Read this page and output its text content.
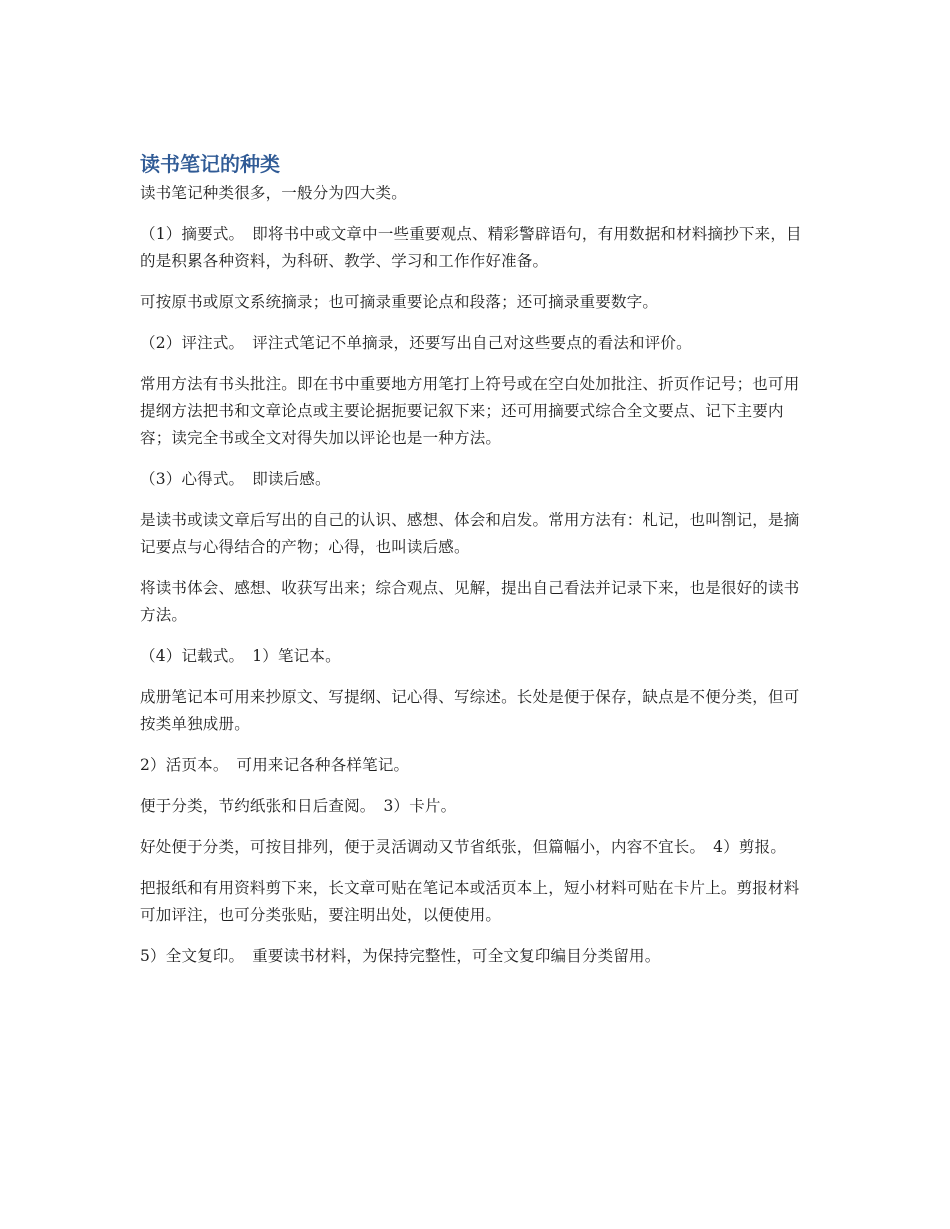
读书笔记的种类

读书笔记种类很多，一般分为四大类。

（1）摘要式。　即将书中或文章中一些重要观点、精彩警辟语句，有用数据和材料摘抄下来，目的是积累各种资料，为科研、教学、学习和工作作好准备。

可按原书或原文系统摘录；也可摘录重要论点和段落；还可摘录重要数字。

（2）评注式。　评注式笔记不单摘录，还要写出自己对这些要点的看法和评价。

常用方法有书头批注。即在书中重要地方用笔打上符号或在空白处加批注、折页作记号；也可用提纲方法把书和文章论点或主要论据扼要记叙下来；还可用摘要式综合全文要点、记下主要内容；读完全书或全文对得失加以评论也是一种方法。

（3）心得式。　即读后感。

是读书或读文章后写出的自己的认识、感想、体会和启发。常用方法有：札记，也叫劄记，是摘记要点与心得结合的产物；心得，也叫读后感。

将读书体会、感想、收获写出来；综合观点、见解，提出自己看法并记录下来，也是很好的读书方法。

（4）记载式。　1）笔记本。

成册笔记本可用来抄原文、写提纲、记心得、写综述。长处是便于保存，缺点是不便分类，但可按类单独成册。

2）活页本。　可用来记各种各样笔记。

便于分类，节约纸张和日后查阅。　3）卡片。

好处便于分类，可按目排列，便于灵活调动又节省纸张，但篇幅小，内容不宜长。　4）剪报。

把报纸和有用资料剪下来，长文章可贴在笔记本或活页本上，短小材料可贴在卡片上。剪报材料可加评注，也可分类张贴，要注明出处，以便使用。

5）全文复印。　重要读书材料，为保持完整性，可全文复印编目分类留用。
